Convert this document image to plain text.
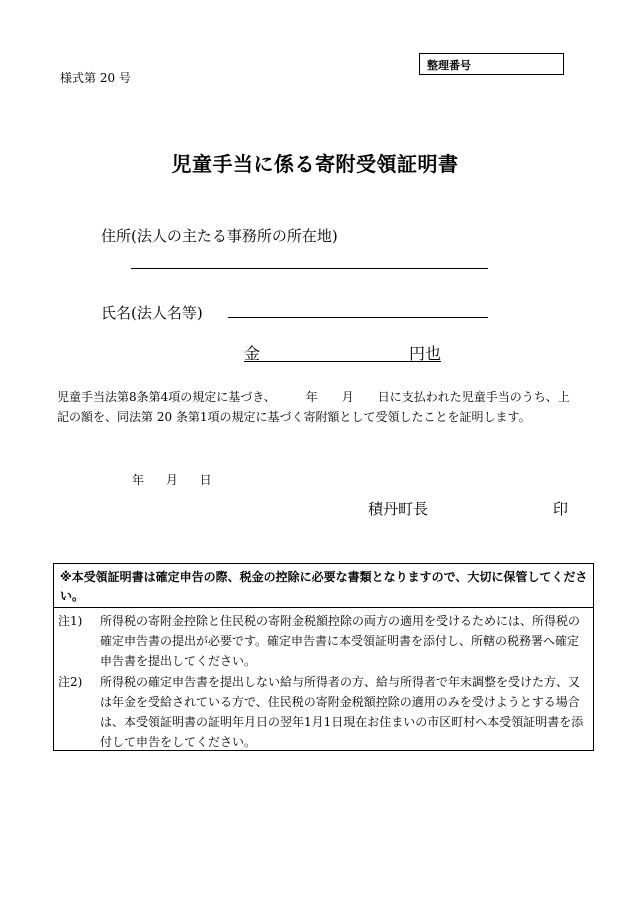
様式第 20 号
整理番号
児童手当に係る寄附受領証明書
住所(法人の主たる事務所の所在地)
氏名(法人名等)
金	円也
児童手当法第8条第4項の規定に基づき、　　　年　　月　　日に支払われた児童手当のうち、上記の額を、同法第 20 条第1項の規定に基づく寄附額として受領したことを証明します。
年 月 日
積丹町長	印
※本受領証明書は確定申告の際、税金の控除に必要な書類となりますので、大切に保管してください。
注1) 所得税の寄附金控除と住民税の寄附金税額控除の両方の適用を受けるためには、所得税の確定申告書の提出が必要です。確定申告書に本受領証明書を添付し、所轄の税務署へ確定申告書を提出してください。
注2) 所得税の確定申告書を提出しない給与所得者の方、給与所得者で年末調整を受けた方、又は年金を受給されている方で、住民税の寄附金税額控除の適用のみを受けようとする場合は、本受領証明書の証明年月日の翌年1月1日現在お住まいの市区町村へ本受領証明書を添付して申告をしてください。
